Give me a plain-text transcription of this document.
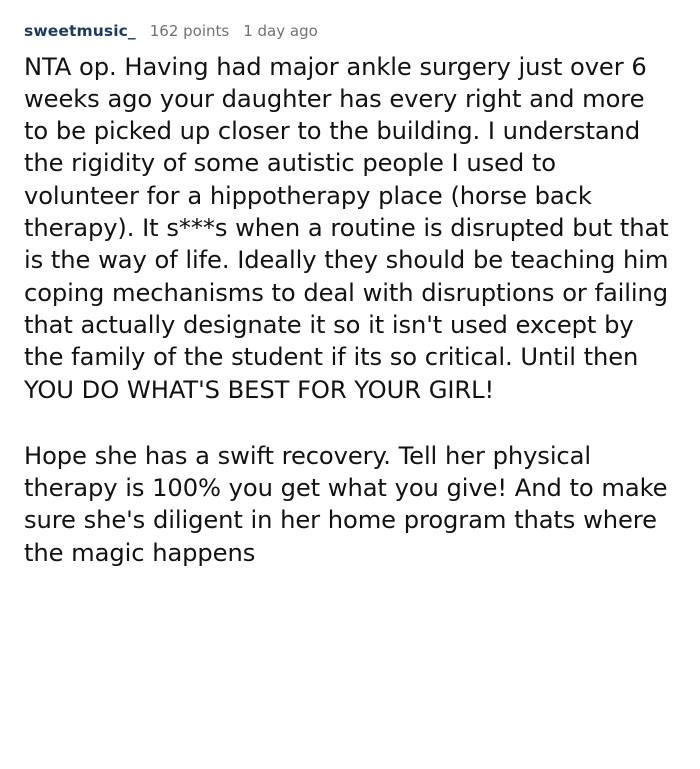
sweetmusic_ 162 points 1 day ago

NTA op. Having had major ankle surgery just over 6 weeks ago your daughter has every right and more to be picked up closer to the building. I understand the rigidity of some autistic people I used to volunteer for a hippotherapy place (horse back therapy). It s***s when a routine is disrupted but that is the way of life. Ideally they should be teaching him coping mechanisms to deal with disruptions or failing that actually designate it so it isn't used except by the family of the student if its so critical. Until then YOU DO WHAT'S BEST FOR YOUR GIRL!

Hope she has a swift recovery. Tell her physical therapy is 100% you get what you give! And to make sure she's diligent in her home program thats where the magic happens
